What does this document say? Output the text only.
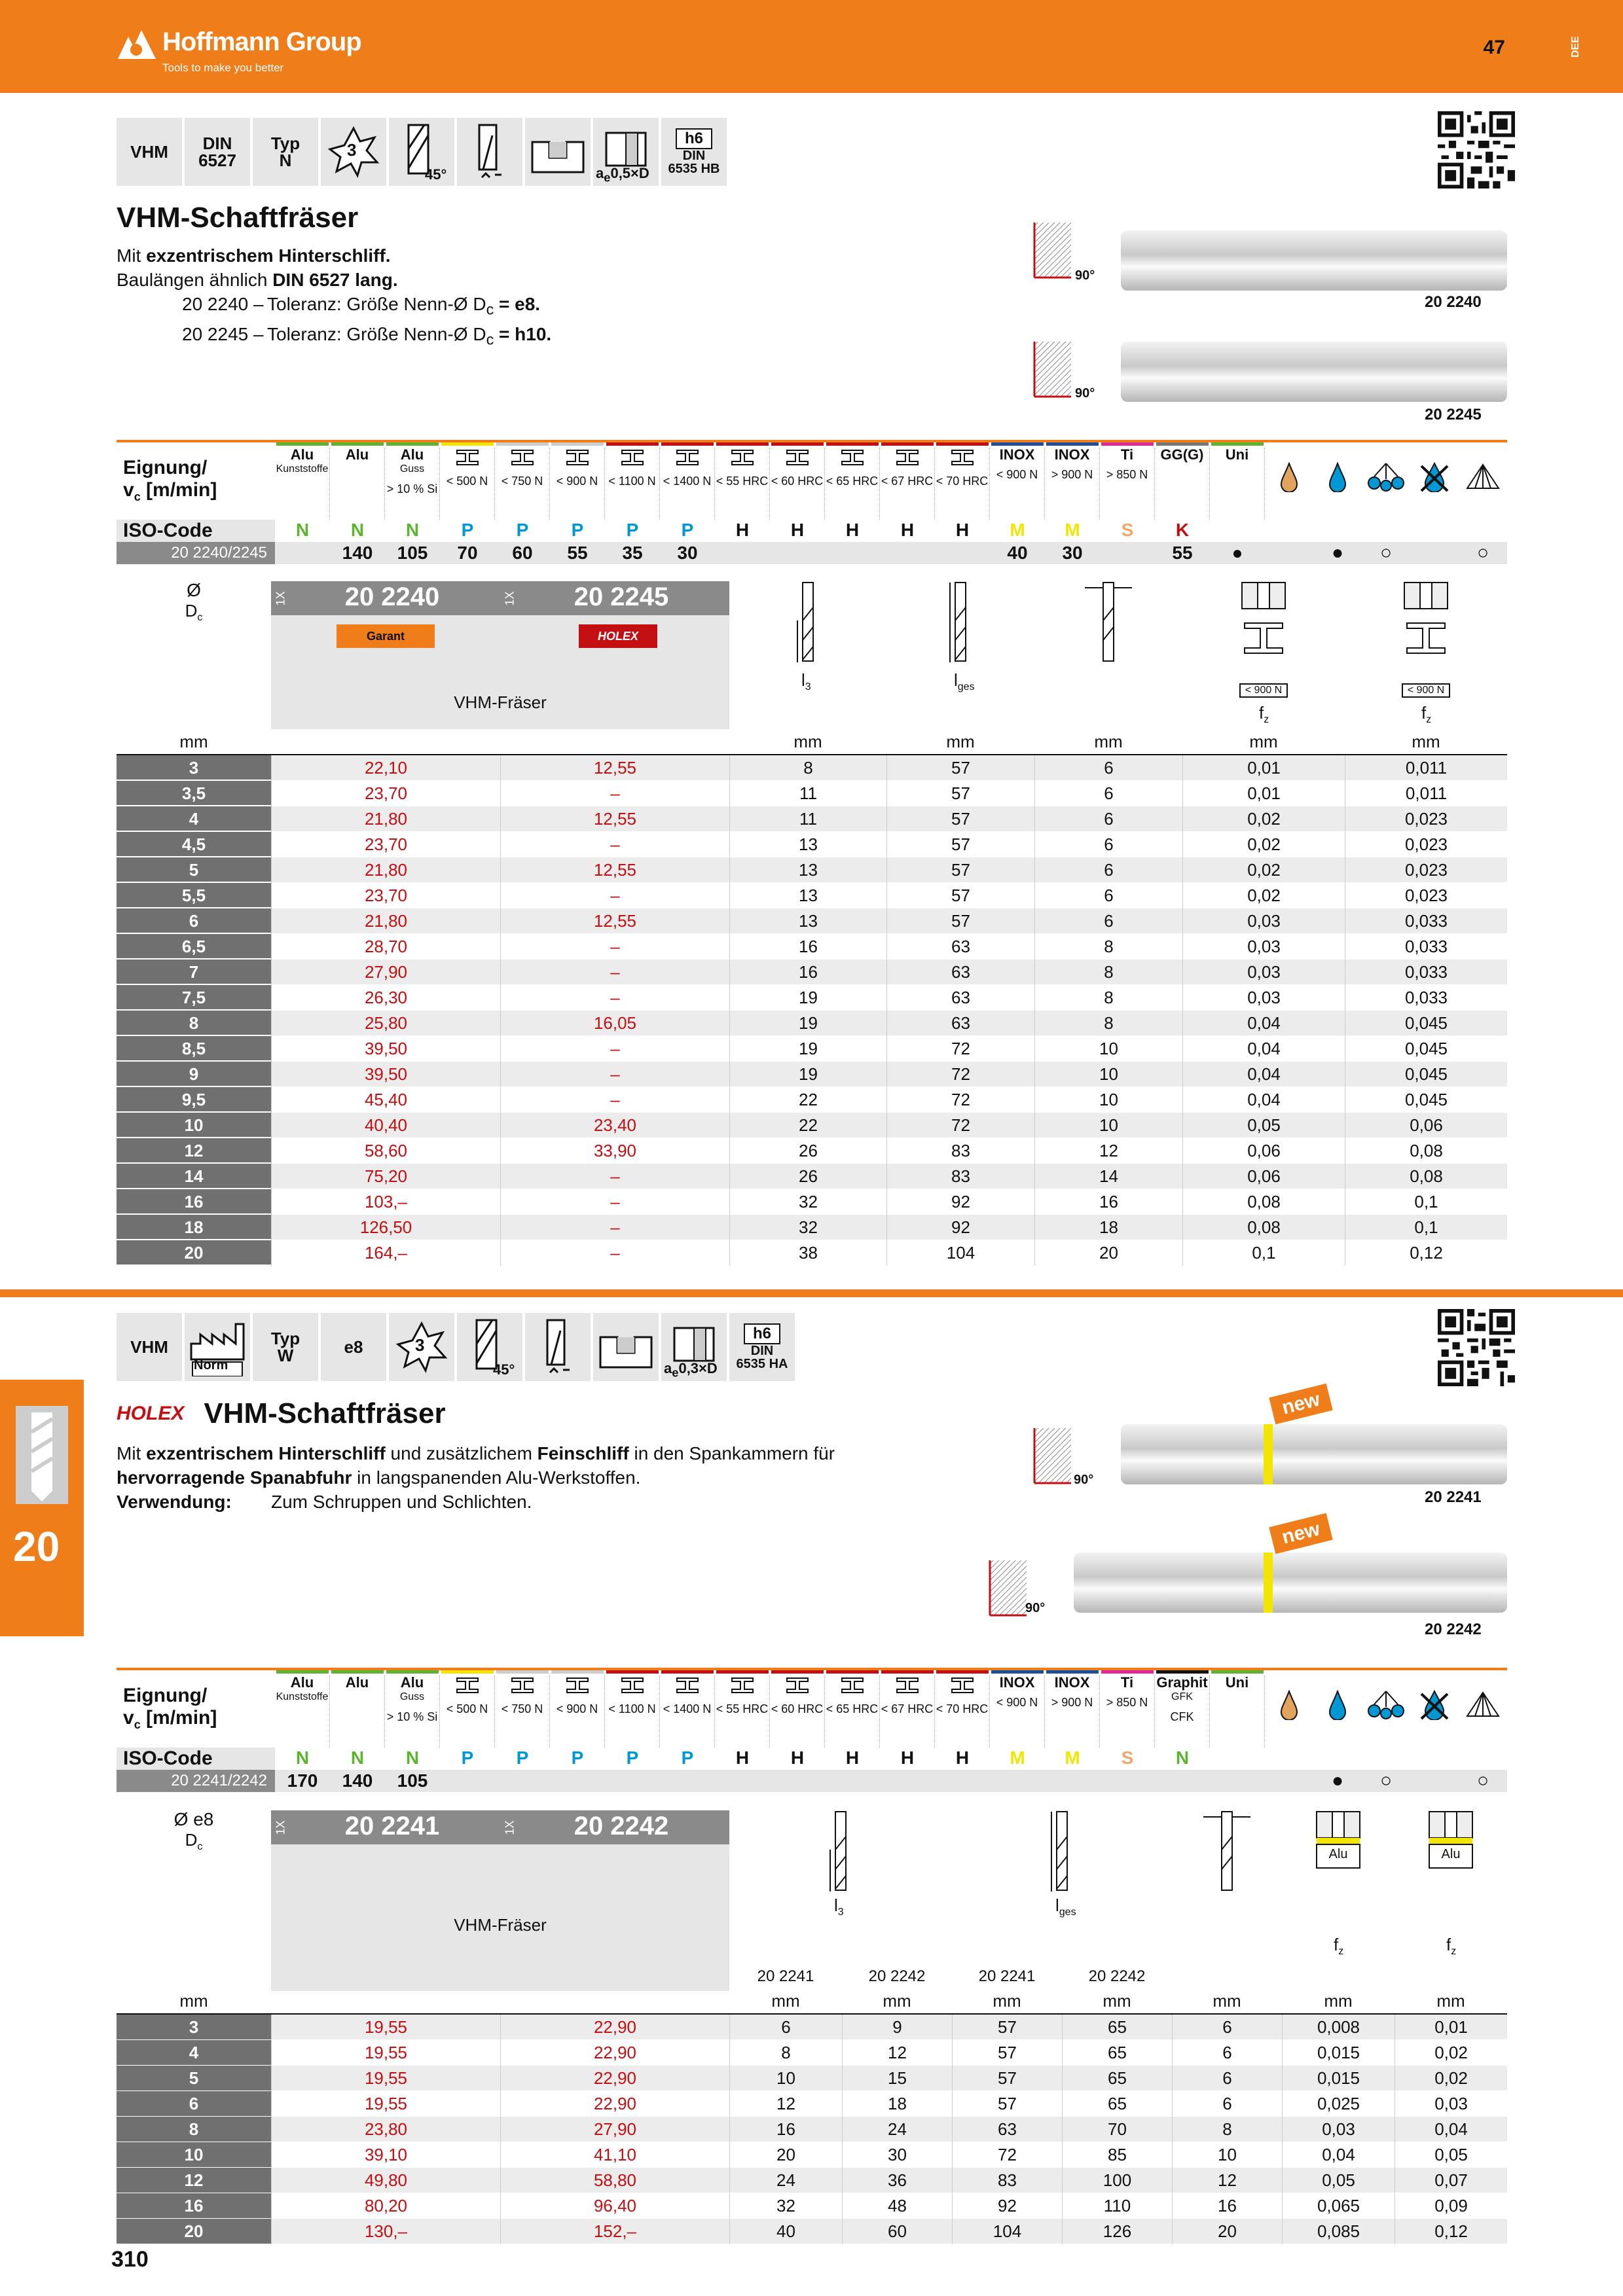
Hoffmann Group
Tools to make you better
47	DEE
VHM	DIN
6527
Typ
N
3
45°	$a_e0,5\times D$
h6
DIN
6535 HB
VHM-Schaftfräser
Mit exzentrischem Hinterschliff.
Baulängen ähnlich DIN 6527 lang.
20 2240 – Toleranz: Größe Nenn-Ø $D_c = e8$.
20 2245 – Toleranz: Größe Nenn-Ø $D_c = h10$.
90°
20 2240
90°
20 2245
Eignung/
$v_c$ [m/min]
ISO-Code
20 2240/2245
Alu
Kunststoffe
N
Alu
N
140
Alu
Guss
> 10 % Si
N
105
< 500 N
P
70
< 750 N
P
60
< 900 N
P
55
< 1100 N
P
35
< 1400 N
P
30
< 55 HRC
H
< 60 HRC
H
< 65 HRC
H
< 67 HRC
H
< 70 HRC
H
INOX
< 900 N
M
40
INOX
> 900 N
M
30
Ti
> 850 N
S
GG(G)
K
55
Uni
●	●	○	○
Ø
$D_c$
1X	20 2240	1X	20 2245
Garant	HOLEX
VHM-Fräser
$l_3$	$l_{ges}$	< 900 N
$f_z$
< 900 N
$f_z$
mm	mm	mm	mm	mm	mm
3	22,10	12,55	8	57	6	0,01	0,011
3,5	23,70	–	11	57	6	0,01	0,011
4	21,80	12,55	11	57	6	0,02	0,023
4,5	23,70	–	13	57	6	0,02	0,023
5	21,80	12,55	13	57	6	0,02	0,023
5,5	23,70	–	13	57	6	0,02	0,023
6	21,80	12,55	13	57	6	0,03	0,033
6,5	28,70	–	16	63	8	0,03	0,033
7	27,90	–	16	63	8	0,03	0,033
7,5	26,30	–	19	63	8	0,03	0,033
8	25,80	16,05	19	63	8	0,04	0,045
8,5	39,50	–	19	72	10	0,04	0,045
9	39,50	–	19	72	10	0,04	0,045
9,5	45,40	–	22	72	10	0,04	0,045
10	40,40	23,40	22	72	10	0,05	0,06
12	58,60	33,90	26	83	12	0,06	0,08
14	75,20	–	26	83	14	0,06	0,08
16	103,–	–	32	92	16	0,08	0,1
18	126,50	–	32	92	18	0,08	0,1
20	164,–	–	38	104	20	0,1	0,12
VHM
Norm
Typ
W	e8	3
45°	$a_e0,3\times D$
h6
DIN
6535 HA
HOLEX VHM-Schaftfräser
Mit exzentrischem Hinterschliff und zusätzlichem Feinschliff in den Spankammern für
hervorragende Spanabfuhr in langspanenden Alu-Werkstoffen.
Verwendung: Zum Schruppen und Schlichten.
90°
new
20 2241
90°
new
20 2242
Eignung/
$v_c$ [m/min]
ISO-Code
20 2241/2242
Alu
Kunststoffe
N
170
Alu
N
140
Alu
Guss
> 10 % Si
N
105
< 500 N
P
< 750 N
P
< 900 N
P
< 1100 N
P
< 1400 N
P
< 55 HRC
H
< 60 HRC
H
< 65 HRC
H
< 67 HRC
H
< 70 HRC
H
INOX
< 900 N
M
INOX
> 900 N
M
Ti
> 850 N
S
Graphit
GFK
CFK
N
Uni
●	○	○
Ø e8
$D_c$
1X	20 2241	1X	20 2242
VHM-Fräser
$l_3$	$l_{ges}$
Alu
$f_z$
Alu
$f_z$
20 2241	20 2242	20 2241	20 2242
mm	mm	mm	mm	mm	mm	mm	mm
3	19,55	22,90	6	9	57	65	6	0,008	0,01
4	19,55	22,90	8	12	57	65	6	0,015	0,02
5	19,55	22,90	10	15	57	65	6	0,015	0,02
6	19,55	22,90	12	18	57	65	6	0,025	0,03
8	23,80	27,90	16	24	63	70	8	0,03	0,04
10	39,10	41,10	20	30	72	85	10	0,04	0,05
12	49,80	58,80	24	36	83	100	12	0,05	0,07
16	80,20	96,40	32	48	92	110	16	0,065	0,09
20	130,–	152,–	40	60	104	126	20	0,085	0,12
20
310
